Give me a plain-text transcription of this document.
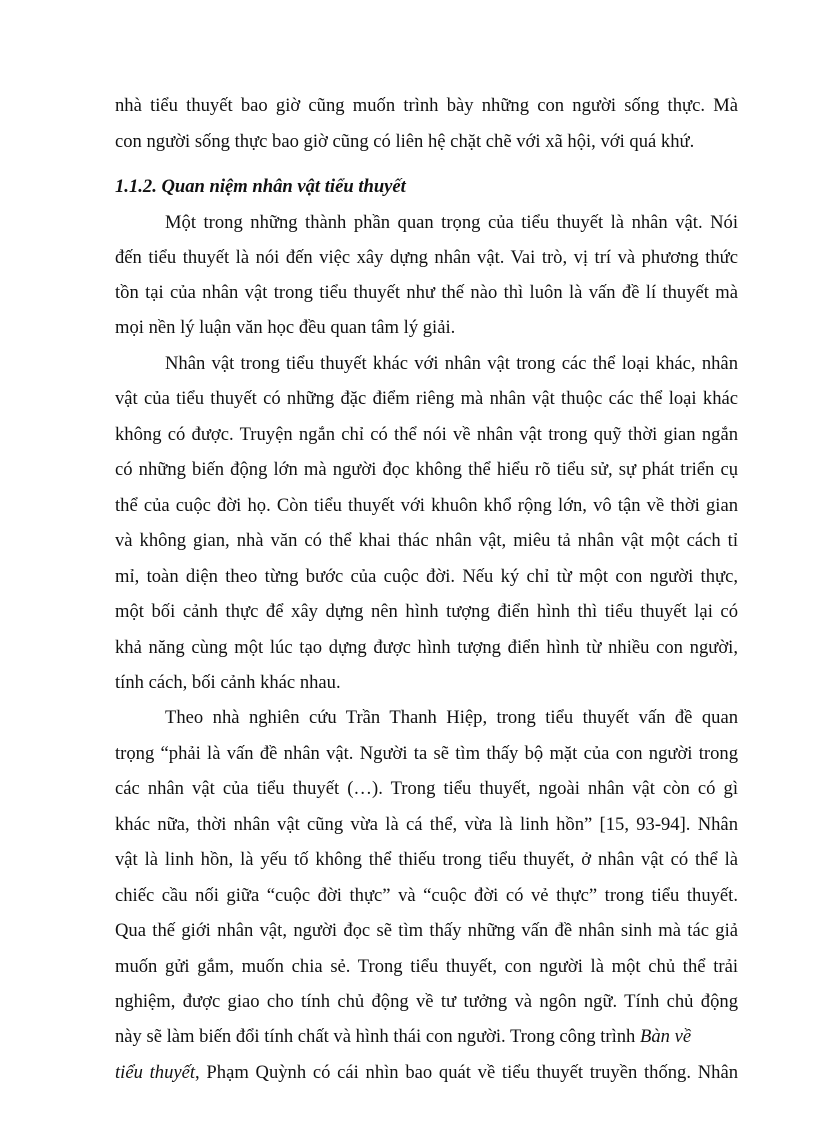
nhà tiểu thuyết bao giờ cũng muốn trình bày những con người sống thực. Mà
con người sống thực bao giờ cũng có liên hệ chặt chẽ với xã hội, với quá khứ.
1.1.2. Quan niệm nhân vật tiểu thuyết
Một trong những thành phần quan trọng của tiểu thuyết là nhân vật. Nói
đến tiểu thuyết là nói đến việc xây dựng nhân vật. Vai trò, vị trí và phương thức
tồn tại của nhân vật trong tiểu thuyết như thế nào thì luôn là vấn đề lí thuyết mà
mọi nền lý luận văn học đều quan tâm lý giải.
Nhân vật trong tiểu thuyết khác với nhân vật trong các thể loại khác, nhân
vật của tiểu thuyết có những đặc điểm riêng mà nhân vật thuộc các thể loại khác
không có được. Truyện ngắn chỉ có thể nói về nhân vật trong quỹ thời gian ngắn
có những biến động lớn mà người đọc không thể hiểu rõ tiểu sử, sự phát triển cụ
thể của cuộc đời họ. Còn tiểu thuyết với khuôn khổ rộng lớn, vô tận về thời gian
và không gian, nhà văn có thể khai thác nhân vật, miêu tả nhân vật một cách tỉ
mỉ, toàn diện theo từng bước của cuộc đời. Nếu ký chỉ từ một con người thực,
một bối cảnh thực để xây dựng nên hình tượng điển hình thì tiểu thuyết lại có
khả năng cùng một lúc tạo dựng được hình tượng điển hình từ nhiều con người,
tính cách, bối cảnh khác nhau.
Theo nhà nghiên cứu Trần Thanh Hiệp, trong tiểu thuyết vấn đề quan
trọng “phải là vấn đề nhân vật. Người ta sẽ tìm thấy bộ mặt của con người trong
các nhân vật của tiểu thuyết (…). Trong tiểu thuyết, ngoài nhân vật còn có gì
khác nữa, thời nhân vật cũng vừa là cá thể, vừa là linh hồn” [15, 93-94]. Nhân
vật là linh hồn, là yếu tố không thể thiếu trong tiểu thuyết, ở nhân vật có thể là
chiếc cầu nối giữa “cuộc đời thực” và “cuộc đời có vẻ thực” trong tiểu thuyết.
Qua thế giới nhân vật, người đọc sẽ tìm thấy những vấn đề nhân sinh mà tác giả
muốn gửi gắm, muốn chia sẻ. Trong tiểu thuyết, con người là một chủ thể trải
nghiệm, được giao cho tính chủ động về tư tưởng và ngôn ngữ. Tính chủ động
này sẽ làm biến đổi tính chất và hình thái con người. Trong công trình Bàn về
tiểu thuyết, Phạm Quỳnh có cái nhìn bao quát về tiểu thuyết truyền thống. Nhân
